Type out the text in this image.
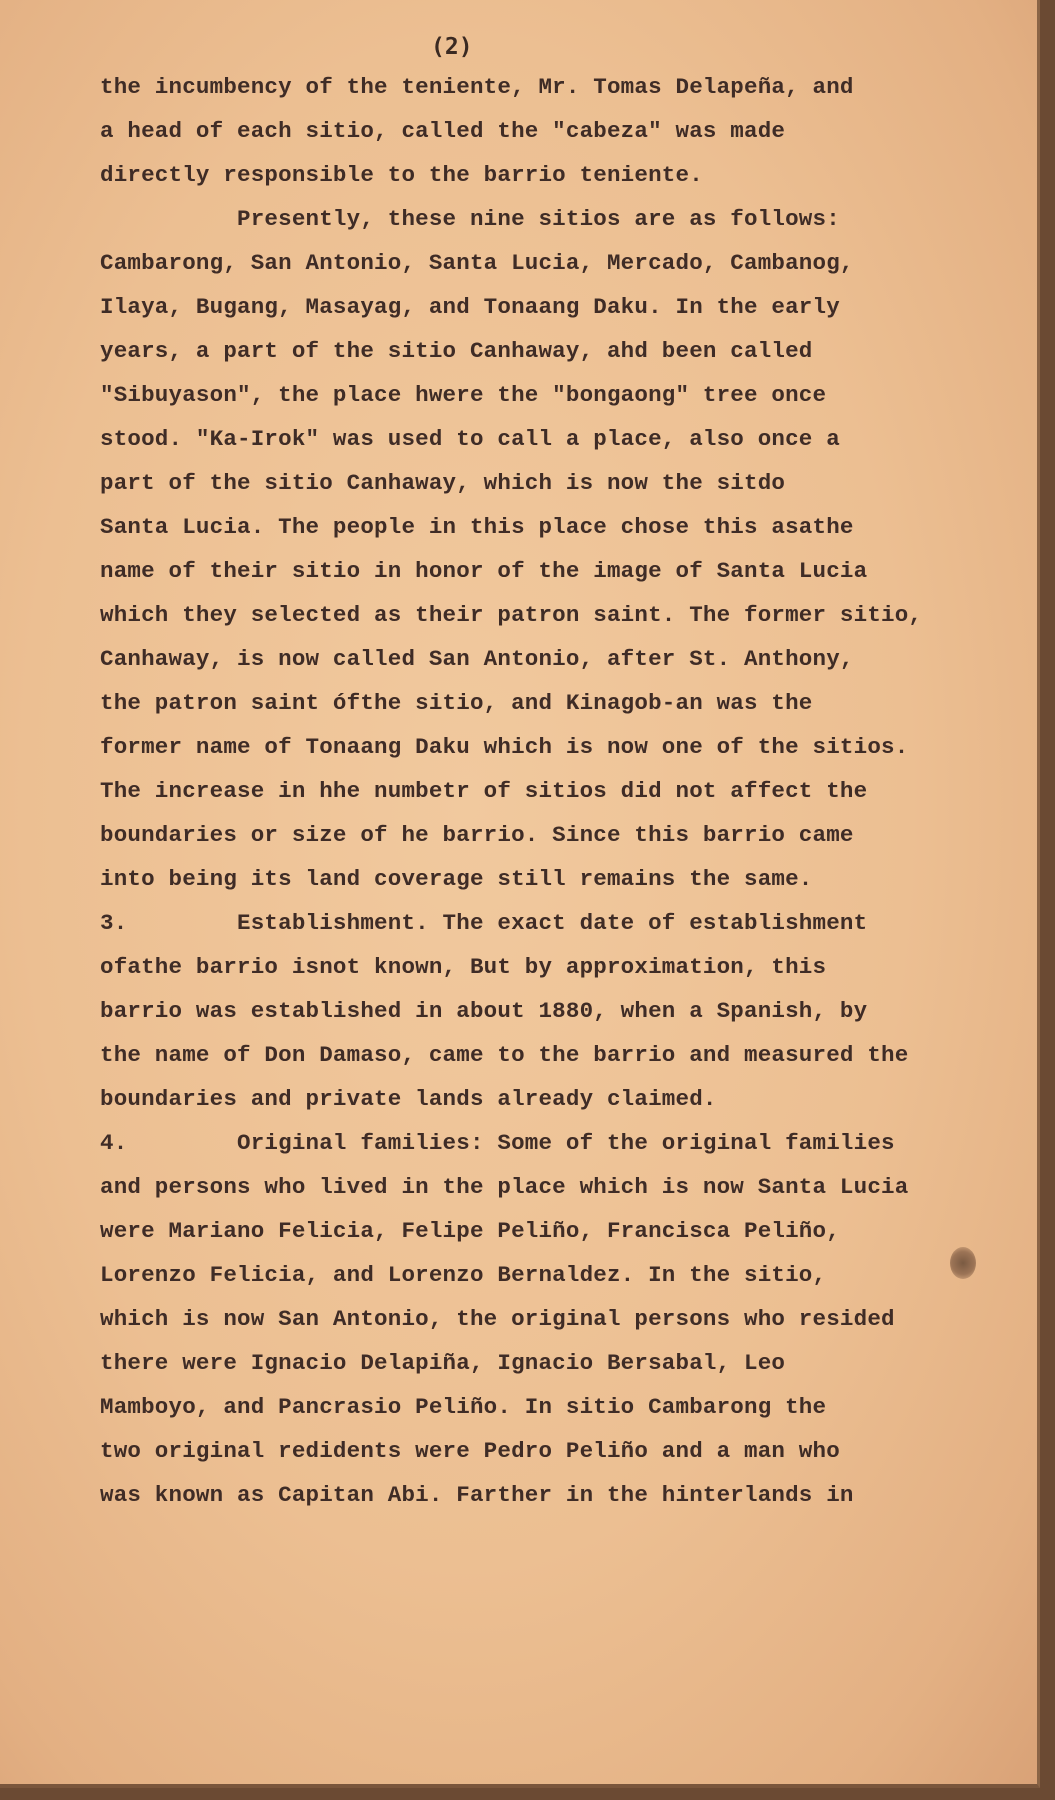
(2)
the incumbency of the teniente, Mr. Tomas Delapeña, and
a head of each sitio, called the "cabeza" was made
directly responsible to the barrio teniente.
Presently, these nine sitios are as follows:
Cambarong, San Antonio, Santa Lucia, Mercado, Cambanog,
Ilaya, Bugang, Masayag, and Tonaang Daku. In the early
years, a part of the sitio Canhaway, ahd been called
"Sibuyason", the place hwere the "bongaong" tree once
stood. "Ka-Irok" was used to call a place, also once a
part of the sitio Canhaway, which is now the sitdo
Santa Lucia. The people in this place chose this asathe
name of their sitio in honor of the image of Santa Lucia
which they selected as their patron saint. The former sitio,
Canhaway, is now called San Antonio, after St. Anthony,
the patron saint ófthe sitio, and Kinagob-an was the
former name of Tonaang Daku which is now one of the sitios.
The increase in hhe numbetr of sitios did not affect the
boundaries or size of he barrio. Since this barrio came
into being its land coverage still remains the same.
3.        Establishment. The exact date of establishment
ofathe barrio isnot known, But by approximation, this
barrio was established in about 1880, when a Spanish, by
the name of Don Damaso, came to the barrio and measured the
boundaries and private lands already claimed.
4.        Original families: Some of the original families
and persons who lived in the place which is now Santa Lucia
were Mariano Felicia, Felipe Peliño, Francisca Peliño,
Lorenzo Felicia, and Lorenzo Bernaldez. In the sitio,
which is now San Antonio, the original persons who resided
there were Ignacio Delapiña, Ignacio Bersabal, Leo
Mamboyo, and Pancrasio Peliño. In sitio Cambarong the
two original redidents were Pedro Peliño and a man who
was known as Capitan Abi. Farther in the hinterlands in
